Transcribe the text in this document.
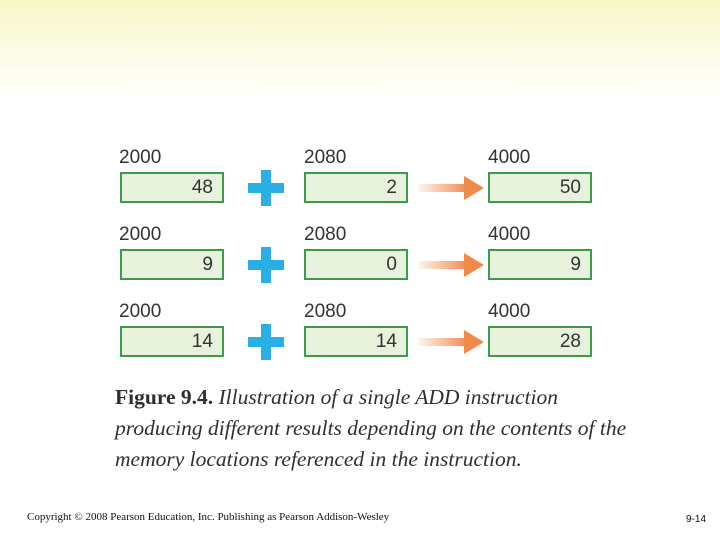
2000
48
2080
2
4000
50
2000
9
2080
0
4000
9
2000
14
2080
14
4000
28
Figure 9.4. Illustration of a single ADD instruction producing different results depending on the contents of the memory locations referenced in the instruction.
Copyright © 2008 Pearson Education, Inc. Publishing as Pearson Addison-Wesley	9-14
